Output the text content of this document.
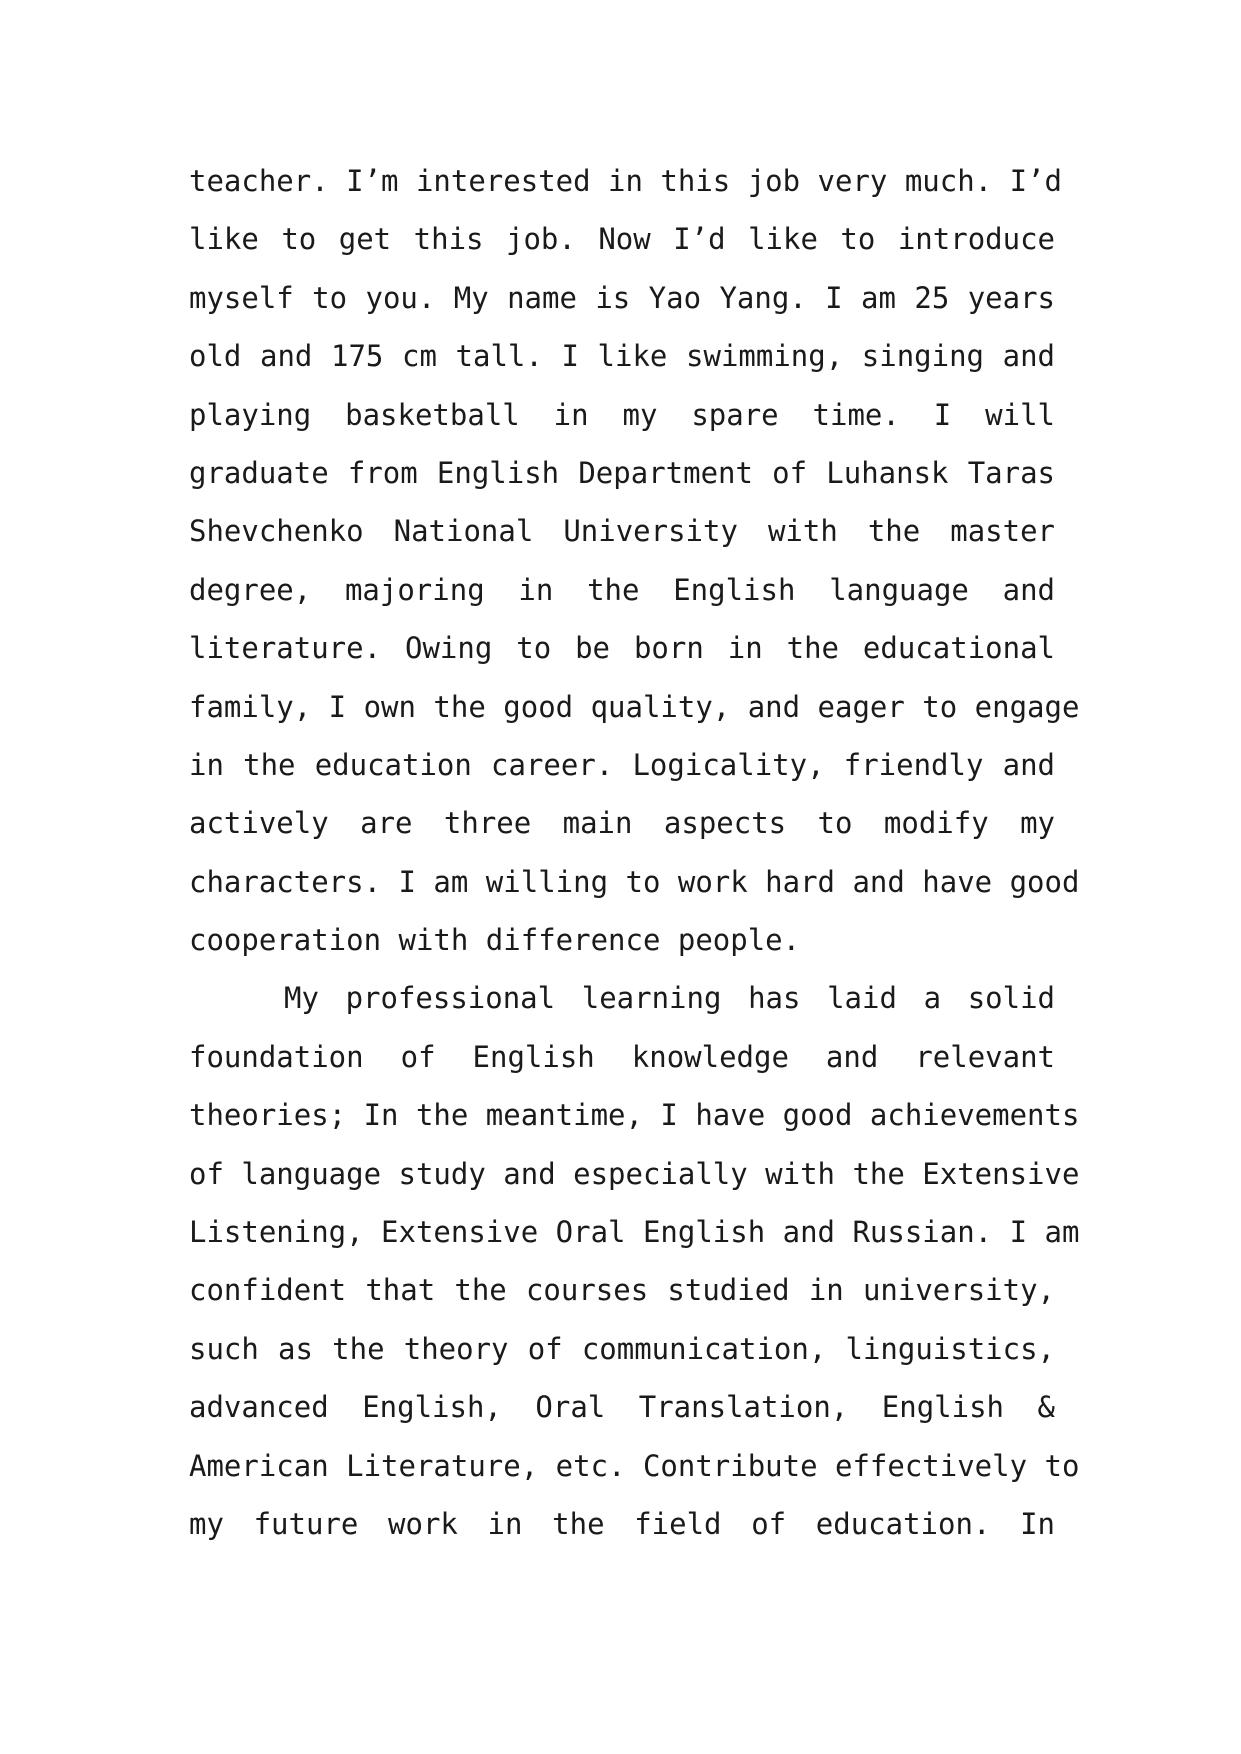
teacher. I’m interested in this job very much. I’d
like to get this job. Now I’d like to introduce
myself to you. My name is Yao Yang. I am 25 years
old and 175 cm tall. I like swimming, singing and
playing basketball in my spare time. I will
graduate from English Department of Luhansk Taras
Shevchenko National University with the master
degree, majoring in the English language and
literature. Owing to be born in the educational
family, I own the good quality, and eager to engage
in the education career. Logicality, friendly and
actively are three main aspects to modify my
characters. I am willing to work hard and have good
cooperation with difference people.
My professional learning has laid a solid
foundation of English knowledge and relevant
theories; In the meantime, I have good achievements
of language study and especially with the Extensive
Listening, Extensive Oral English and Russian. I am
confident that the courses studied in university,
such as the theory of communication, linguistics,
advanced English, Oral Translation, English &
American Literature, etc. Contribute effectively to
my future work in the field of education. In
